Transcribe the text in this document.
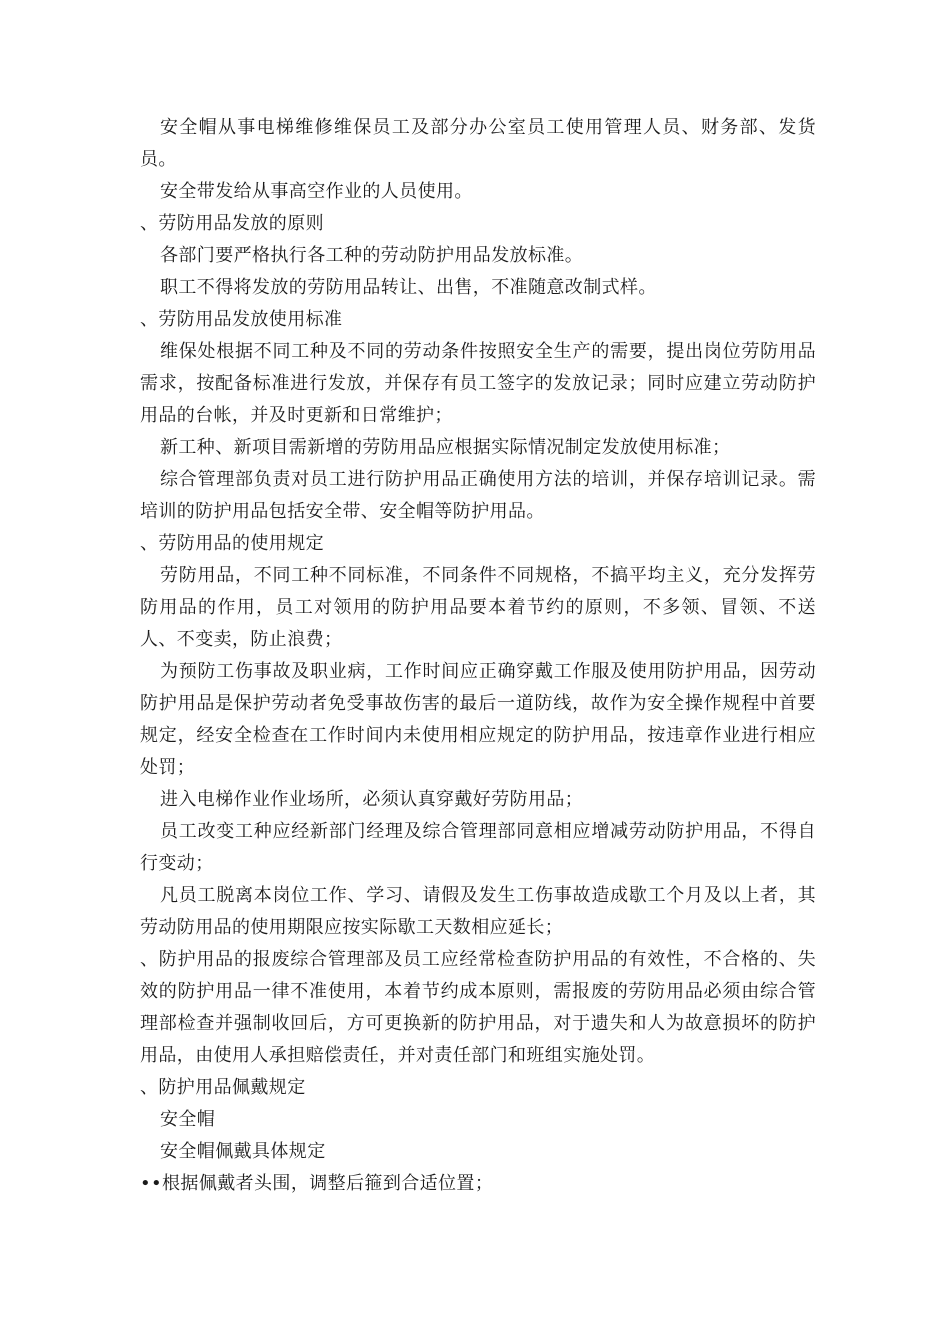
安全帽从事电梯维修维保员工及部分办公室员工使用管理人员、财务部、发货员。

安全带发给从事高空作业的人员使用。

、劳防用品发放的原则

各部门要严格执行各工种的劳动防护用品发放标准。

职工不得将发放的劳防用品转让、出售，不准随意改制式样。

、劳防用品发放使用标准

维保处根据不同工种及不同的劳动条件按照安全生产的需要，提出岗位劳防用品需求，按配备标准进行发放，并保存有员工签字的发放记录；同时应建立劳动防护用品的台帐，并及时更新和日常维护；

新工种、新项目需新增的劳防用品应根据实际情况制定发放使用标准；

综合管理部负责对员工进行防护用品正确使用方法的培训，并保存培训记录。需培训的防护用品包括安全带、安全帽等防护用品。

、劳防用品的使用规定

劳防用品，不同工种不同标准，不同条件不同规格，不搞平均主义，充分发挥劳防用品的作用，员工对领用的防护用品要本着节约的原则，不多领、冒领、不送人、不变卖，防止浪费；

为预防工伤事故及职业病，工作时间应正确穿戴工作服及使用防护用品，因劳动防护用品是保护劳动者免受事故伤害的最后一道防线，故作为安全操作规程中首要规定，经安全检查在工作时间内未使用相应规定的防护用品，按违章作业进行相应处罚；

进入电梯作业作业场所，必须认真穿戴好劳防用品；

员工改变工种应经新部门经理及综合管理部同意相应增减劳动防护用品，不得自行变动；

凡员工脱离本岗位工作、学习、请假及发生工伤事故造成歇工个月及以上者，其劳动防用品的使用期限应按实际歇工天数相应延长；

、防护用品的报废综合管理部及员工应经常检查防护用品的有效性，不合格的、失效的防护用品一律不准使用，本着节约成本原则，需报废的劳防用品必须由综合管理部检查并强制收回后，方可更换新的防护用品，对于遗失和人为故意损坏的防护用品，由使用人承担赔偿责任，并对责任部门和班组实施处罚。

、防护用品佩戴规定

安全帽

安全帽佩戴具体规定

••根据佩戴者头围，调整后箍到合适位置；
